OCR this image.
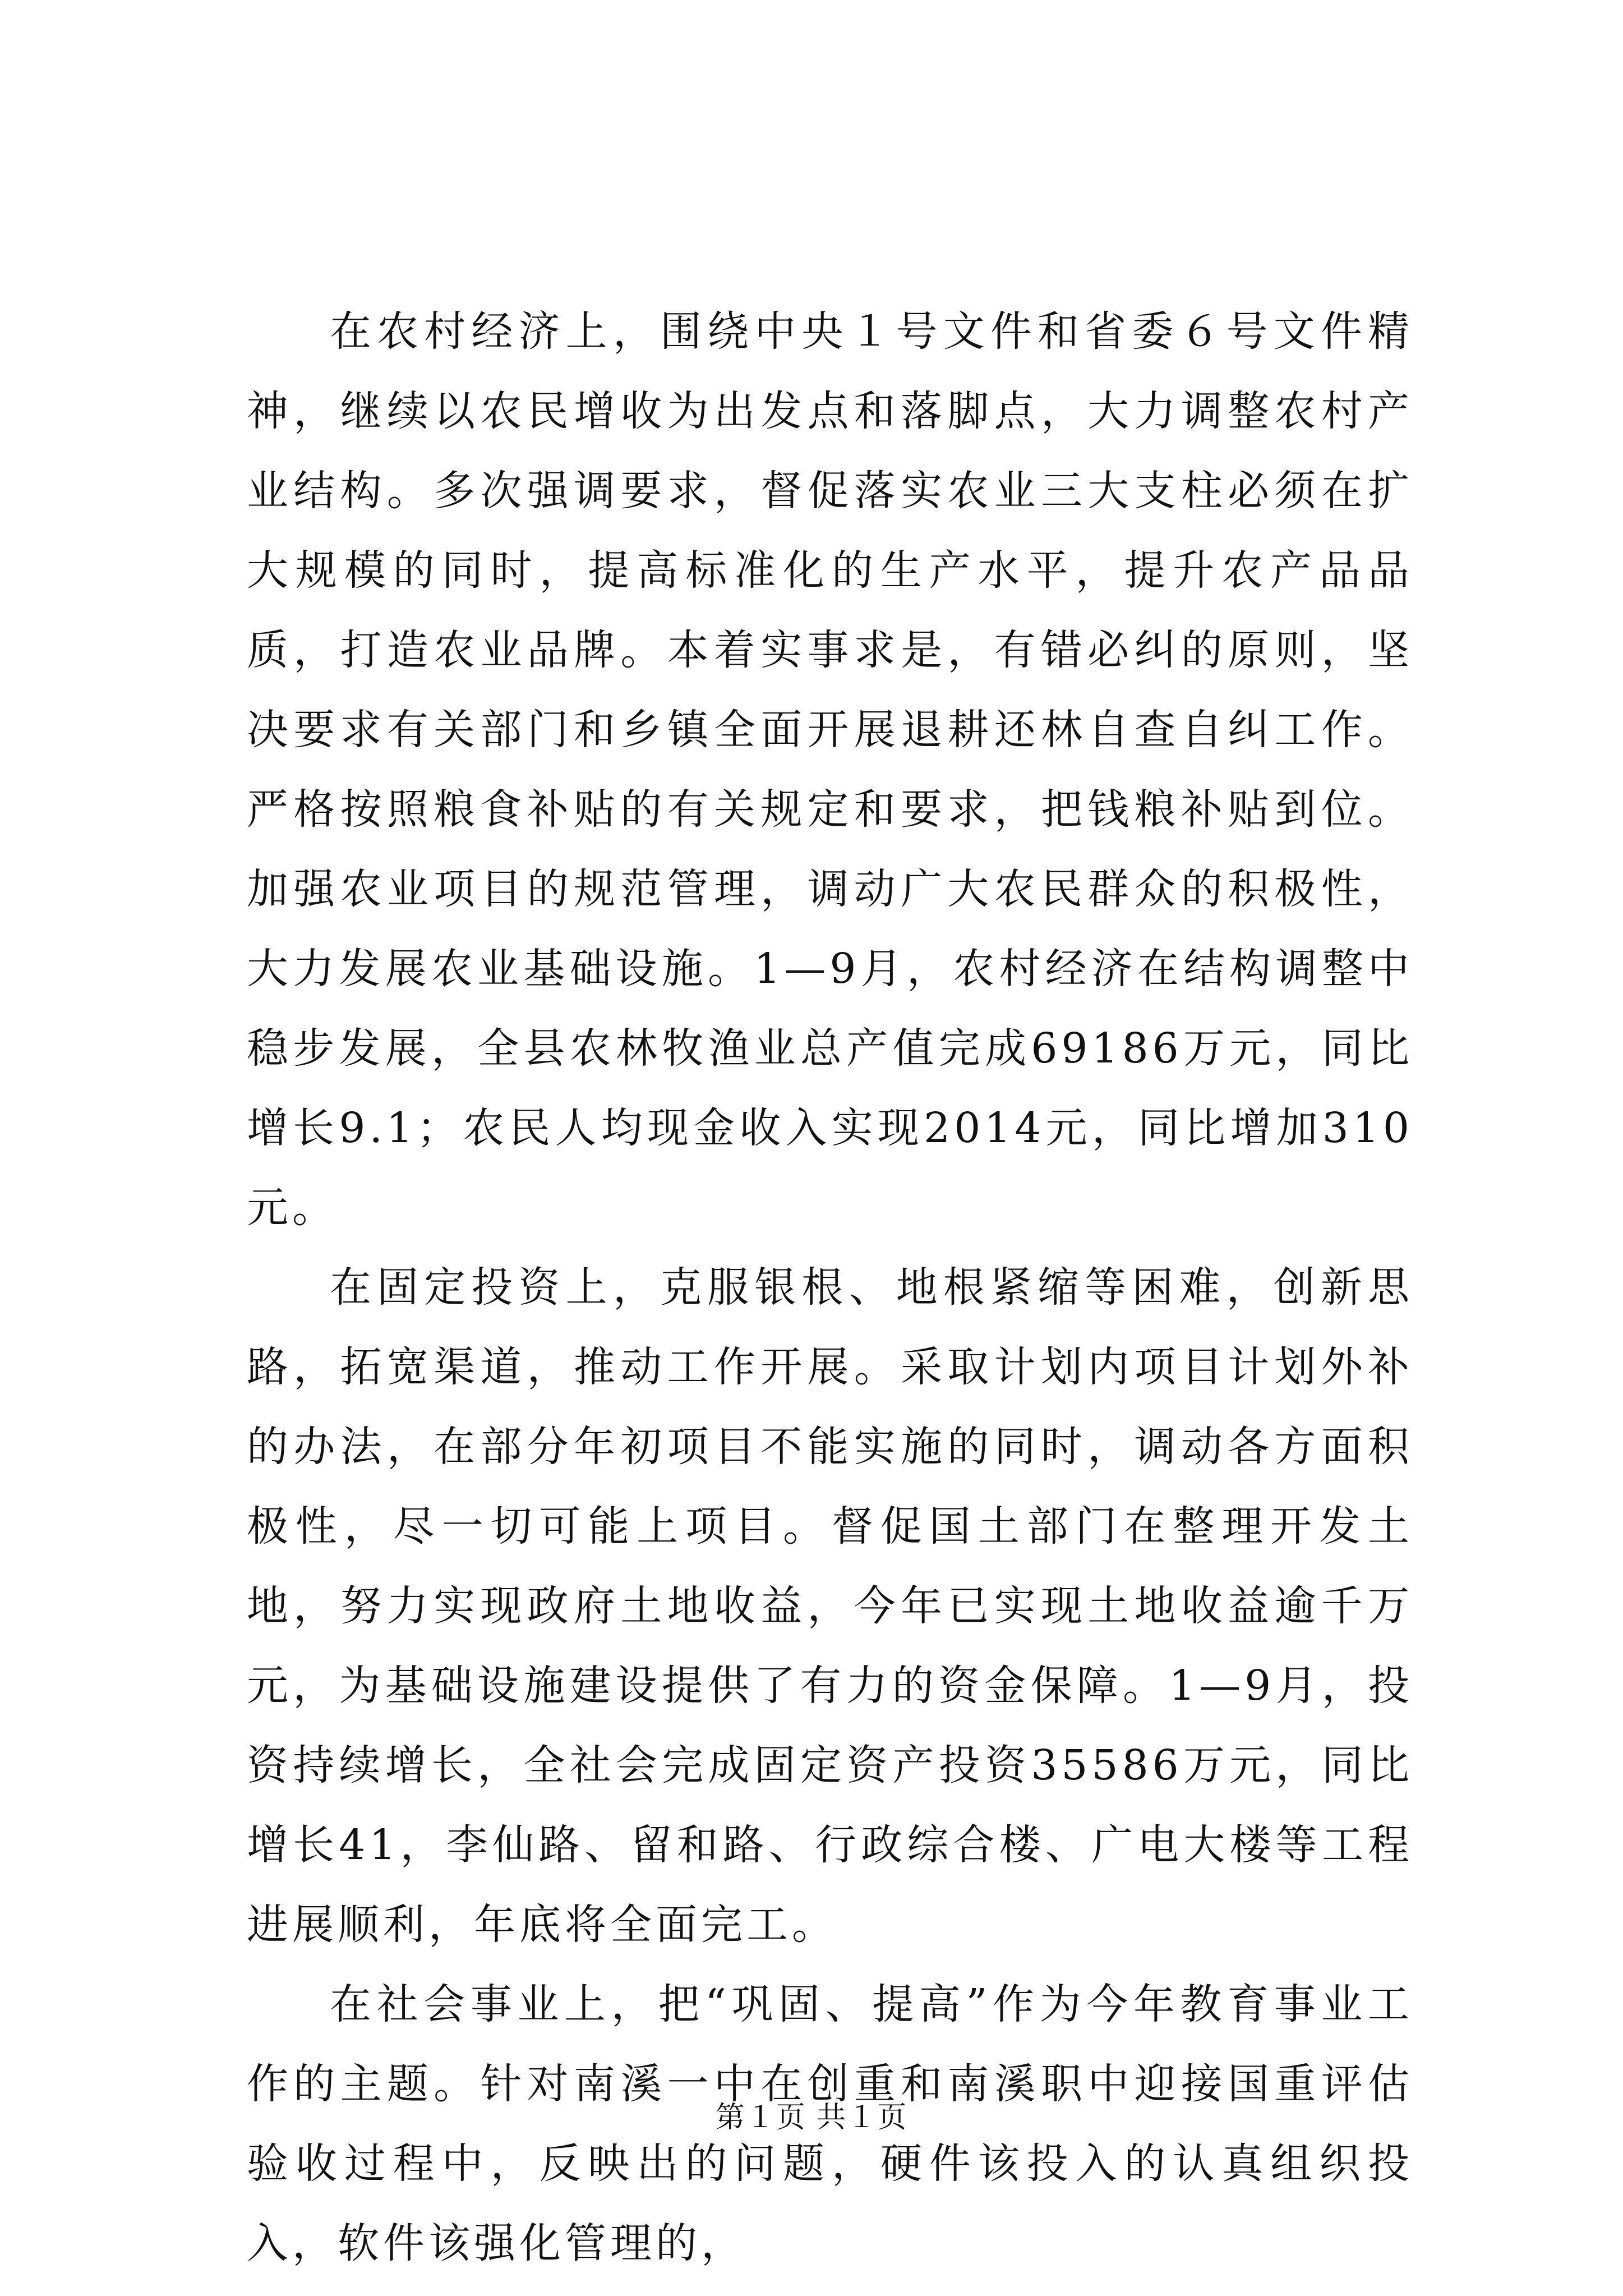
在农村经济上，围绕中央１号文件和省委６号文件精神，继续以农民增收为出发点和落脚点，大力调整农村产业结构。多次强调要求，督促落实农业三大支柱必须在扩大规模的同时，提高标准化的生产水平，提升农产品品质，打造农业品牌。本着实事求是，有错必纠的原则，坚决要求有关部门和乡镇全面开展退耕还林自查自纠工作。严格按照粮食补贴的有关规定和要求，把钱粮补贴到位。加强农业项目的规范管理，调动广大农民群众的积极性，大力发展农业基础设施。1—9月，农村经济在结构调整中稳步发展，全县农林牧渔业总产值完成69186万元，同比增长9.1；农民人均现金收入实现2014元，同比增加310元。

在固定投资上，克服银根、地根紧缩等困难，创新思路，拓宽渠道，推动工作开展。采取计划内项目计划外补的办法，在部分年初项目不能实施的同时，调动各方面积极性，尽一切可能上项目。督促国土部门在整理开发土地，努力实现政府土地收益，今年已实现土地收益逾千万元，为基础设施建设提供了有力的资金保障。1—9月，投资持续增长，全社会完成固定资产投资35586万元，同比增长41，李仙路、留和路、行政综合楼、广电大楼等工程进展顺利，年底将全面完工。

在社会事业上，把“巩固、提高”作为今年教育事业工作的主题。针对南溪一中在创重和南溪职中迎接国重评估验收过程中，反映出的问题，硬件该投入的认真组织投入，软件该强化管理的，

第１页 共１页
